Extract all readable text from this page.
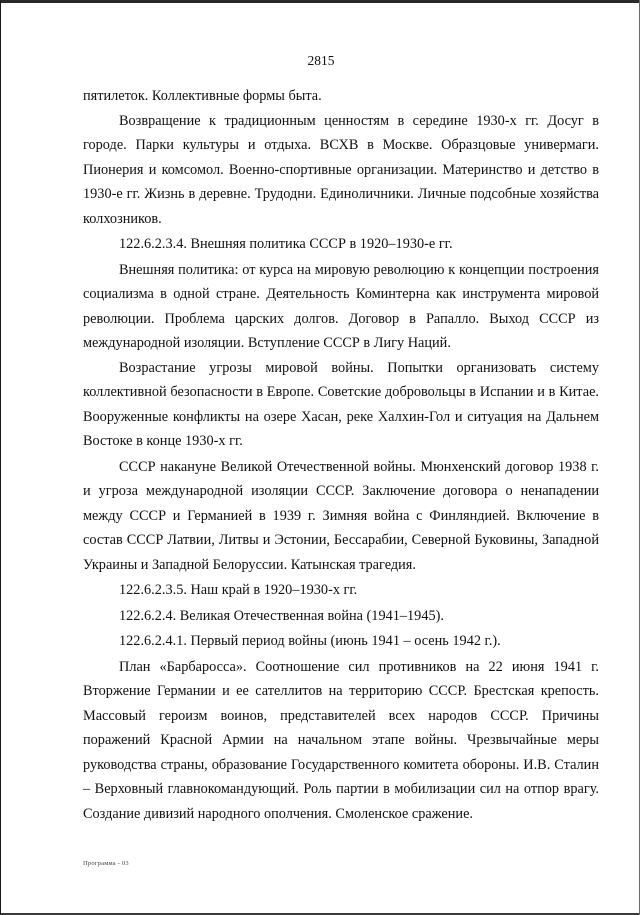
2815

пятилеток. Коллективные формы быта.

Возвращение к традиционным ценностям в середине 1930-х гг. Досуг в городе. Парки культуры и отдыха. ВСХВ в Москве. Образцовые универмаги. Пионерия и комсомол. Военно-спортивные организации. Материнство и детство в 1930-е гг. Жизнь в деревне. Трудодни. Единоличники. Личные подсобные хозяйства колхозников.

122.6.2.3.4. Внешняя политика СССР в 1920–1930-е гг.

Внешняя политика: от курса на мировую революцию к концепции построения социализма в одной стране. Деятельность Коминтерна как инструмента мировой революции. Проблема царских долгов. Договор в Рапалло. Выход СССР из международной изоляции. Вступление СССР в Лигу Наций.

Возрастание угрозы мировой войны. Попытки организовать систему коллективной безопасности в Европе. Советские добровольцы в Испании и в Китае. Вооруженные конфликты на озере Хасан, реке Халхин-Гол и ситуация на Дальнем Востоке в конце 1930-х гг.

СССР накануне Великой Отечественной войны. Мюнхенский договор 1938 г. и угроза международной изоляции СССР. Заключение договора о ненападении между СССР и Германией в 1939 г. Зимняя война с Финляндией. Включение в состав СССР Латвии, Литвы и Эстонии, Бессарабии, Северной Буковины, Западной Украины и Западной Белоруссии. Катынская трагедия.

122.6.2.3.5. Наш край в 1920–1930-х гг.

122.6.2.4. Великая Отечественная война (1941–1945).

122.6.2.4.1. Первый период войны (июнь 1941 – осень 1942 г.).

План «Барбаросса». Соотношение сил противников на 22 июня 1941 г. Вторжение Германии и ее сателлитов на территорию СССР. Брестская крепость. Массовый героизм воинов, представителей всех народов СССР. Причины поражений Красной Армии на начальном этапе войны. Чрезвычайные меры руководства страны, образование Государственного комитета обороны. И.В. Сталин – Верховный главнокомандующий. Роль партии в мобилизации сил на отпор врагу. Создание дивизий народного ополчения. Смоленское сражение.

Программа - 03
